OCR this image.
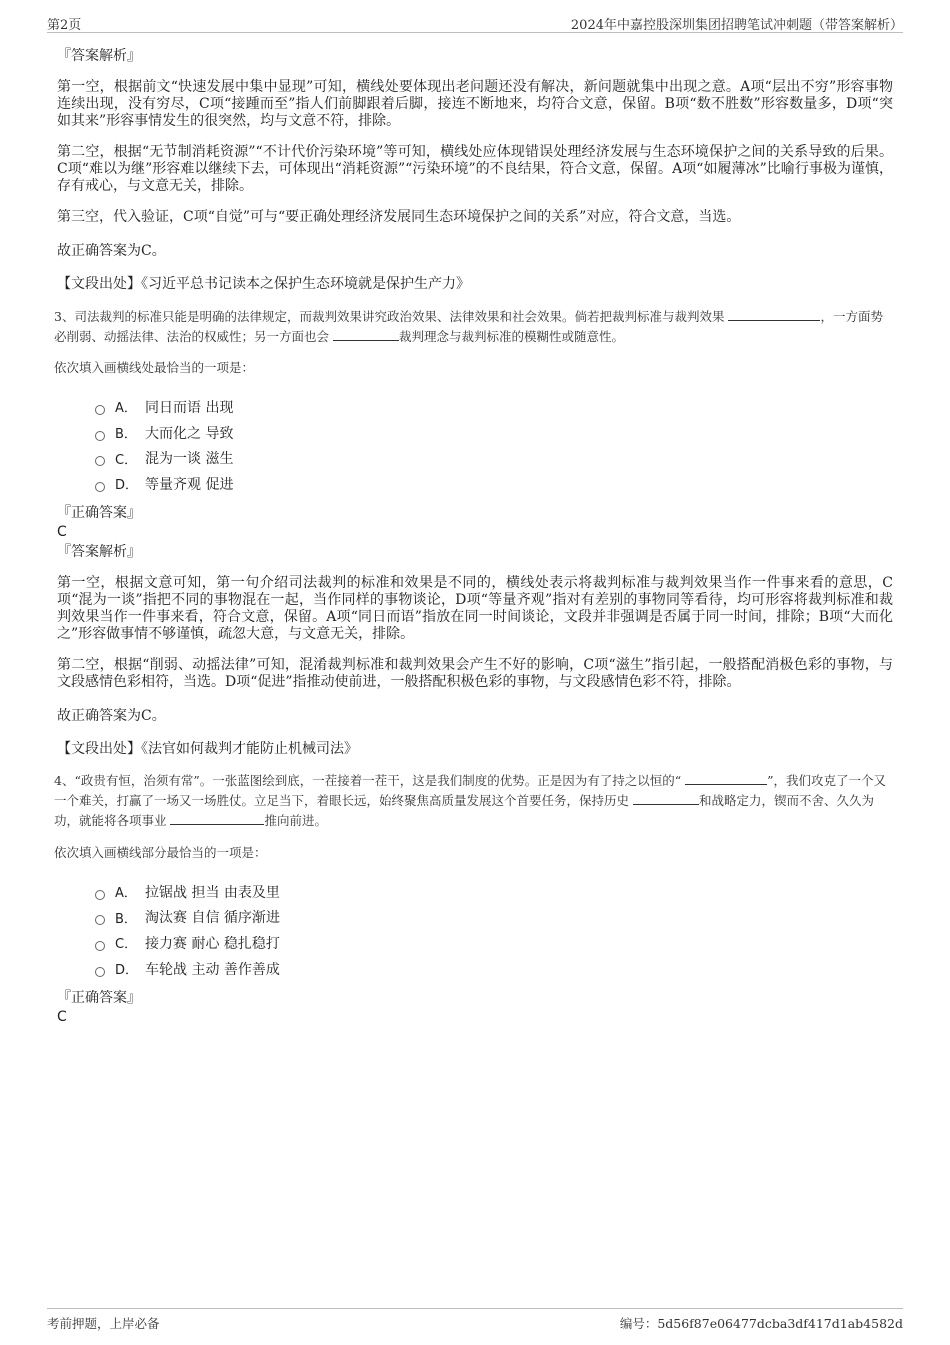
第2页	2024年中嘉控股深圳集团招聘笔试冲刺题（带答案解析）

『答案解析』

第一空，根据前文“快速发展中集中显现”可知，横线处要体现出老问题还没有解决，新问题就集中出现之意。A项“层出不穷”形容事物连续出现，没有穷尽，C项“接踵而至”指人们前脚跟着后脚，接连不断地来，均符合文意，保留。B项“数不胜数”形容数量多，D项“突如其来”形容事情发生的很突然，均与文意不符，排除。

第二空，根据“无节制消耗资源”“不计代价污染环境”等可知，横线处应体现错误处理经济发展与生态环境保护之间的关系导致的后果。C项“难以为继”形容难以继续下去，可体现出“消耗资源”“污染环境”的不良结果，符合文意，保留。A项“如履薄冰”比喻行事极为谨慎，存有戒心，与文意无关，排除。

第三空，代入验证，C项“自觉”可与“要正确处理经济发展同生态环境保护之间的关系”对应，符合文意，当选。

故正确答案为C。

【文段出处】《习近平总书记读本之保护生态环境就是保护生产力》

3、司法裁判的标准只能是明确的法律规定，而裁判效果讲究政治效果、法律效果和社会效果。倘若把裁判标准与裁判效果	，一方面势必削弱、动摇法律、法治的权威性；另一方面也会	裁判理念与裁判标准的模糊性或随意性。

依次填入画横线处最恰当的一项是：

A． 同日而语 出现
B． 大而化之 导致
C． 混为一谈 滋生
D． 等量齐观 促进

『正确答案』

C

『答案解析』

第一空，根据文意可知，第一句介绍司法裁判的标准和效果是不同的，横线处表示将裁判标准与裁判效果当作一件事来看的意思，C项“混为一谈”指把不同的事物混在一起，当作同样的事物谈论，D项“等量齐观”指对有差别的事物同等看待，均可形容将裁判标准和裁判效果当作一件事来看，符合文意，保留。A项“同日而语”指放在同一时间谈论，文段并非强调是否属于同一时间，排除；B项“大而化之”形容做事情不够谨慎，疏忽大意，与文意无关，排除。

第二空，根据“削弱、动摇法律”可知，混淆裁判标准和裁判效果会产生不好的影响，C项“滋生”指引起，一般搭配消极色彩的事物，与文段感情色彩相符，当选。D项“促进”指推动使前进，一般搭配积极色彩的事物，与文段感情色彩不符，排除。

故正确答案为C。

【文段出处】《法官如何裁判才能防止机械司法》

4、“政贵有恒，治须有常”。一张蓝图绘到底，一茬接着一茬干，这是我们制度的优势。正是因为有了持之以恒的“	”，我们攻克了一个又一个难关，打赢了一场又一场胜仗。立足当下，着眼长远，始终聚焦高质量发展这个首要任务，保持历史	和战略定力，锲而不舍、久久为功，就能将各项事业	推向前进。

依次填入画横线部分最恰当的一项是：

A． 拉锯战 担当 由表及里
B． 淘汰赛 自信 循序渐进
C． 接力赛 耐心 稳扎稳打
D． 车轮战 主动 善作善成

『正确答案』

C

考前押题，上岸必备	编号：5d56f87e06477dcba3df417d1ab4582d
